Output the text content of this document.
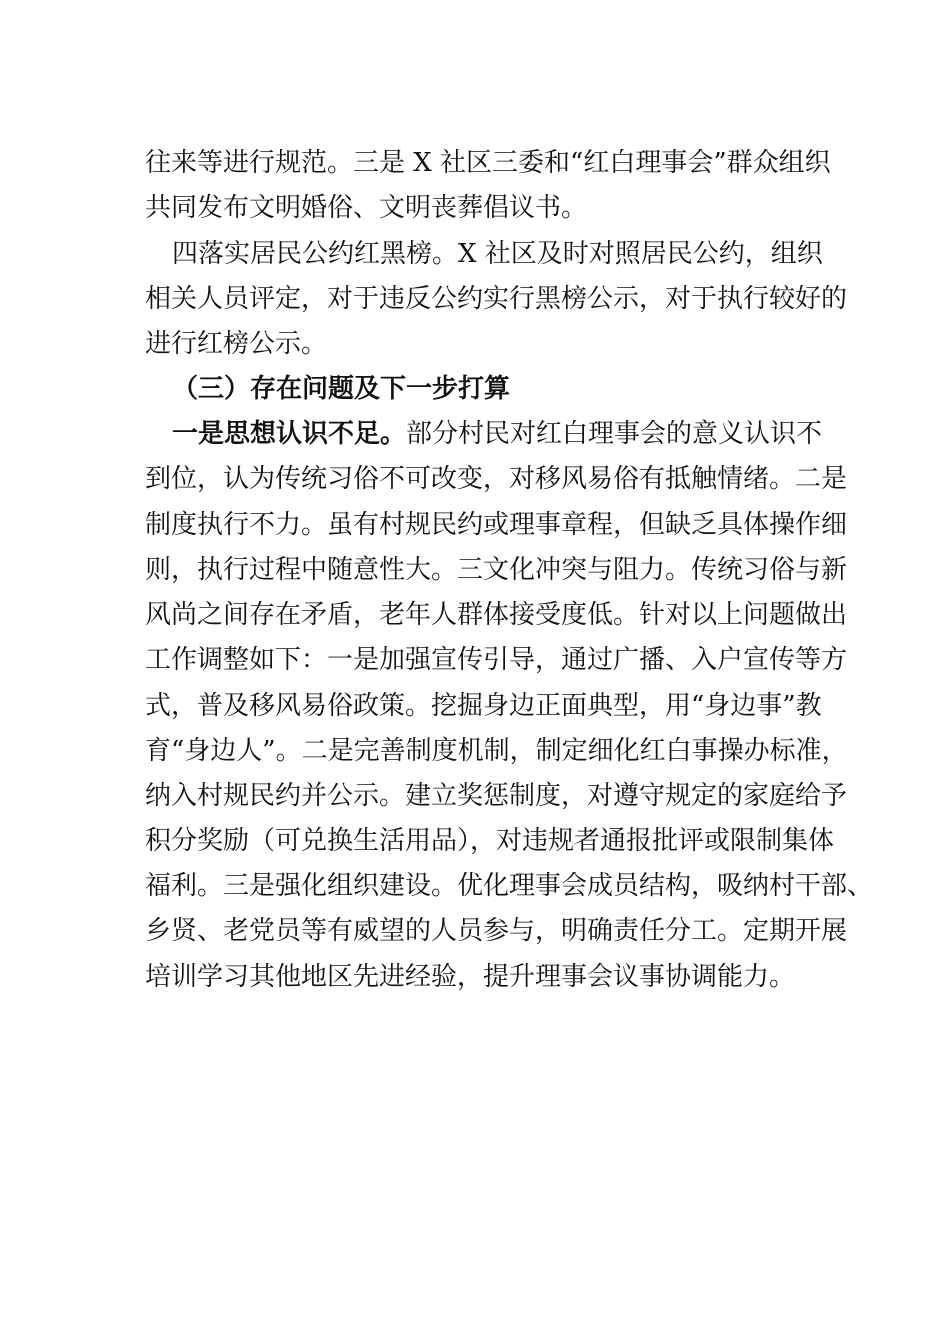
往来等进行规范。三是 X 社区三委和“红白理事会”群众组织
共同发布文明婚俗、文明丧葬倡议书。
四落实居民公约红黑榜。X 社区及时对照居民公约，组织
相关人员评定，对于违反公约实行黑榜公示，对于执行较好的
进行红榜公示。
（三）存在问题及下一步打算
一是思想认识不足。部分村民对红白理事会的意义认识不
到位，认为传统习俗不可改变，对移风易俗有抵触情绪。二是
制度执行不力。虽有村规民约或理事章程，但缺乏具体操作细
则，执行过程中随意性大。三文化冲突与阻力。传统习俗与新
风尚之间存在矛盾，老年人群体接受度低。针对以上问题做出
工作调整如下：一是加强宣传引导，通过广播、入户宣传等方
式，普及移风易俗政策。挖掘身边正面典型，用“身边事”教
育“身边人”。二是完善制度机制，制定细化红白事操办标准，
纳入村规民约并公示。建立奖惩制度，对遵守规定的家庭给予
积分奖励（可兑换生活用品），对违规者通报批评或限制集体
福利。三是强化组织建设。优化理事会成员结构，吸纳村干部、
乡贤、老党员等有威望的人员参与，明确责任分工。定期开展
培训学习其他地区先进经验，提升理事会议事协调能力。
